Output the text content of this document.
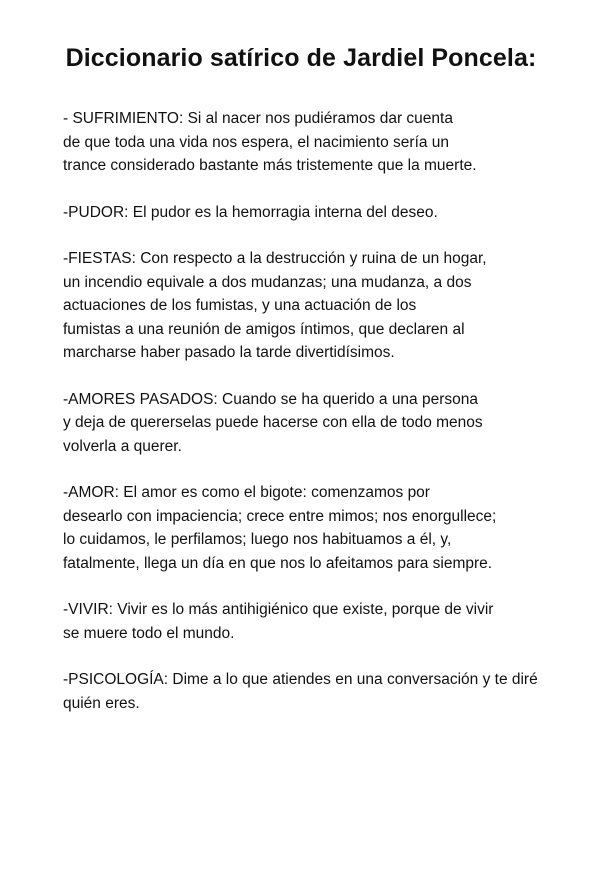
Diccionario satírico de Jardiel Poncela:
- SUFRIMIENTO: Si al nacer nos pudiéramos dar cuenta
de que toda una vida nos espera, el nacimiento sería un
trance considerado bastante más tristemente que la muerte.
-PUDOR: El pudor es la hemorragia interna del deseo.
-FIESTAS: Con respecto a la destrucción y ruina de un hogar,
un incendio equivale a dos mudanzas; una mudanza, a dos
actuaciones de los fumistas, y una actuación de los
fumistas a una reunión de amigos íntimos, que declaren al
marcharse haber pasado la tarde divertidísimos.
-AMORES PASADOS: Cuando se ha querido a una persona
y deja de quererselas puede hacerse con ella de todo menos
volverla a querer.
-AMOR: El amor es como el bigote: comenzamos por
desearlo con impaciencia; crece entre mimos; nos enorgullece;
lo cuidamos, le perfilamos; luego nos habituamos a él, y,
fatalmente, llega un día en que nos lo afeitamos para siempre.
-VIVIR: Vivir es lo más antihigiénico que existe, porque de vivir
se muere todo el mundo.
-PSICOLOGÍA: Dime a lo que atiendes en una conversación y te diré
quién eres.
